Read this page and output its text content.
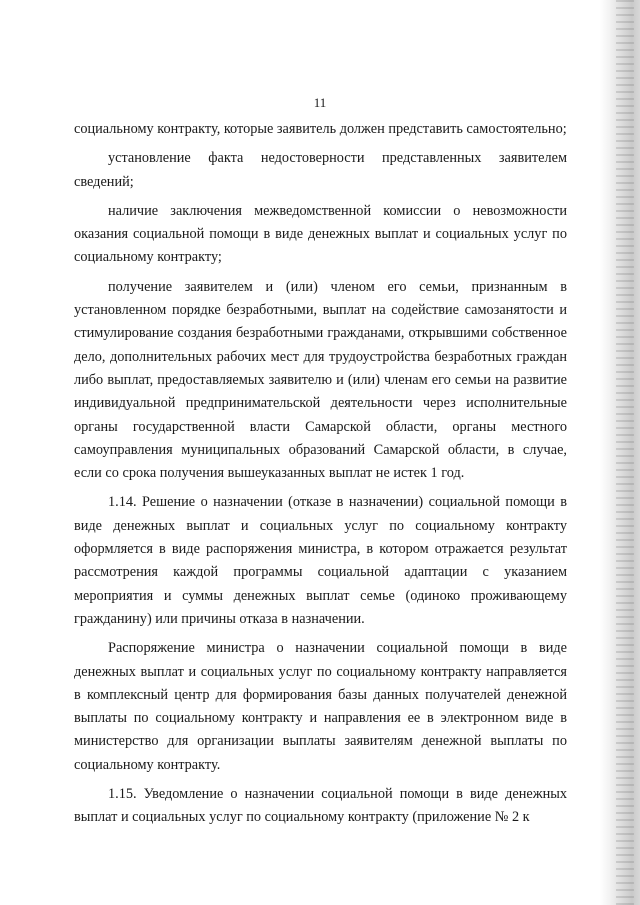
11

социальному контракту, которые заявитель должен представить самостоятельно;

установление факта недостоверности представленных заявителем сведений;

наличие заключения межведомственной комиссии о невозможности оказания социальной помощи в виде денежных выплат и социальных услуг по социальному контракту;

получение заявителем и (или) членом его семьи, признанным в установленном порядке безработными, выплат на содействие самозанятости и стимулирование создания безработными гражданами, открывшими собственное дело, дополнительных рабочих мест для трудоустройства безработных граждан либо выплат, предоставляемых заявителю и (или) членам его семьи на развитие индивидуальной предпринимательской деятельности через исполнительные органы государственной власти Самарской области, органы местного самоуправления муниципальных образований Самарской области, в случае, если со срока получения вышеуказанных выплат не истек 1 год.

1.14. Решение о назначении (отказе в назначении) социальной помощи в виде денежных выплат и социальных услуг по социальному контракту оформляется в виде распоряжения министра, в котором отражается результат рассмотрения каждой программы социальной адаптации с указанием мероприятия и суммы денежных выплат семье (одиноко проживающему гражданину) или причины отказа в назначении.

Распоряжение министра о назначении социальной помощи в виде денежных выплат и социальных услуг по социальному контракту направляется в комплексный центр для формирования базы данных получателей денежной выплаты по социальному контракту и направления ее в электронном виде в министерство для организации выплаты заявителям денежной выплаты по социальному контракту.

1.15. Уведомление о назначении социальной помощи в виде денежных выплат и социальных услуг по социальному контракту (приложение № 2 к
